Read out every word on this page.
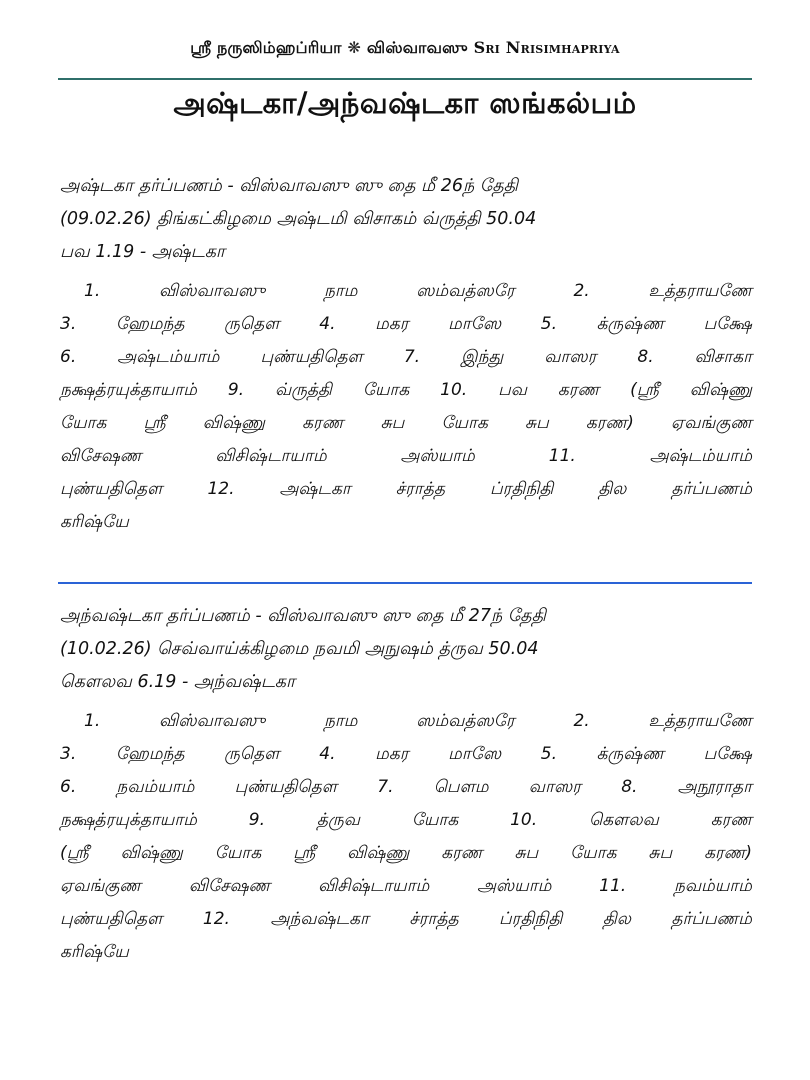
ஸ்ரீ நருஸிம்ஹப்ரியா ❋ விஸ்வாவஸு Sri Nrisimhapriya
அஷ்டகா/அந்வஷ்டகா ஸங்கல்பம்
அஷ்டகா தர்ப்பணம் - விஸ்வாவஸு ஸு தை மீ 26ந் தேதி
(09.02.26) திங்கட்கிழமை அஷ்டமி விசாகம் வ்ருத்தி 50.04
பவ 1.19 - அஷ்டகா
1. விஸ்வாவஸு நாம ஸம்வத்ஸரே 2. உத்தராயணே
3. ஹேமந்த ருதௌ 4. மகர மாஸே 5. க்ருஷ்ண பக்ஷே
6. அஷ்டம்யாம் புண்யதிதௌ 7. இந்து வாஸர 8. விசாகா
நக்ஷத்ரயுக்தாயாம் 9. வ்ருத்தி யோக 10. பவ கரண (ஸ்ரீ விஷ்ணு
யோக ஸ்ரீ விஷ்ணு கரண சுப யோக சுப கரண) ஏவங்குண
விசேஷண விசிஷ்டாயாம் அஸ்யாம் 11. அஷ்டம்யாம்
புண்யதிதௌ 12. அஷ்டகா ச்ராத்த ப்ரதிநிதி தில தர்ப்பணம்
கரிஷ்யே
அந்வஷ்டகா தர்ப்பணம் - விஸ்வாவஸு ஸு தை மீ 27ந் தேதி
(10.02.26) செவ்வாய்க்கிழமை நவமி அநுஷம் த்ருவ 50.04
கௌலவ 6.19 - அந்வஷ்டகா
1. விஸ்வாவஸு நாம ஸம்வத்ஸரே 2. உத்தராயணே
3. ஹேமந்த ருதௌ 4. மகர மாஸே 5. க்ருஷ்ண பக்ஷே
6. நவம்யாம் புண்யதிதௌ 7. பௌம வாஸர 8. அநூராதா
நக்ஷத்ரயுக்தாயாம் 9. த்ருவ யோக 10. கௌலவ கரண
(ஸ்ரீ விஷ்ணு யோக ஸ்ரீ விஷ்ணு கரண சுப யோக சுப கரண)
ஏவங்குண விசேஷண விசிஷ்டாயாம் அஸ்யாம் 11. நவம்யாம்
புண்யதிதௌ 12. அந்வஷ்டகா ச்ராத்த ப்ரதிநிதி தில தர்ப்பணம்
கரிஷ்யே
